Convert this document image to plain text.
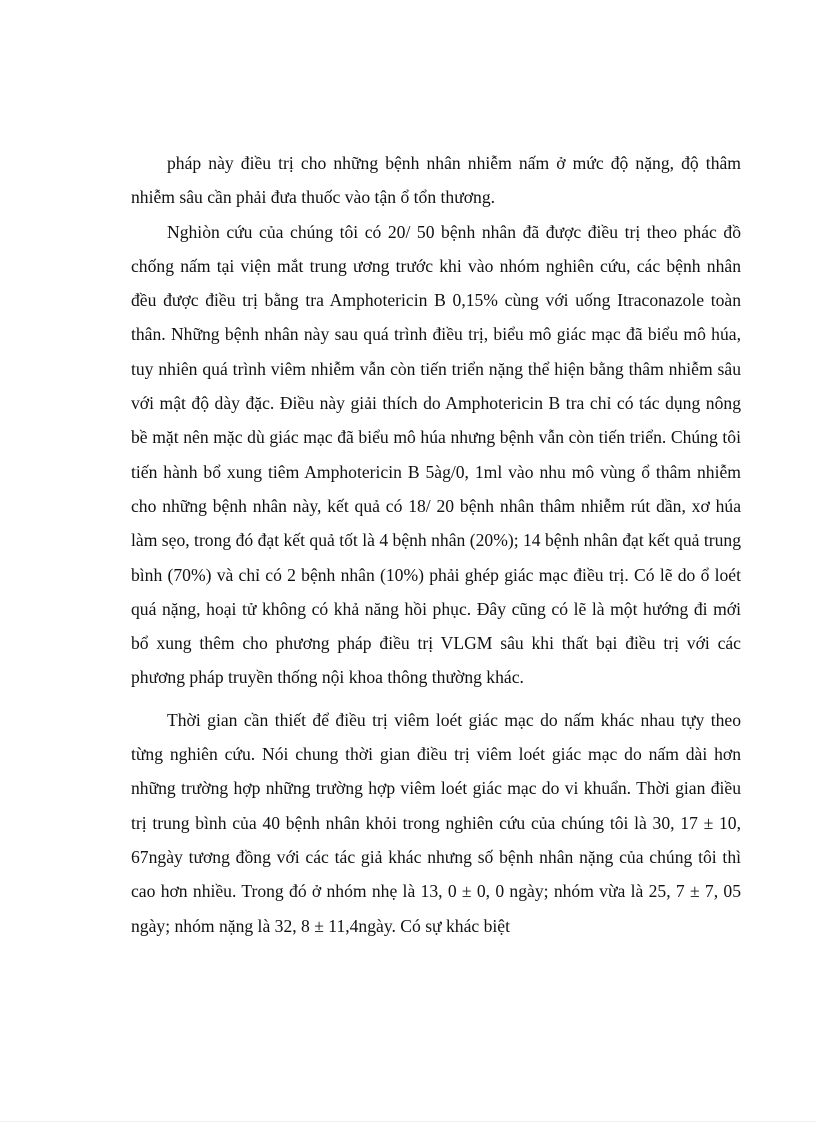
pháp này điều trị cho những bệnh nhân nhiễm nấm ở mức độ nặng, độ thâm nhiễm sâu cần phải đưa thuốc vào tận ổ tổn thương.

Nghiòn cứu của chúng tôi có 20/ 50 bệnh nhân đã được điều trị theo phác đồ chống nấm tại viện mắt trung ương trước khi vào nhóm nghiên cứu, các bệnh nhân đều được điều trị bằng tra Amphotericin B 0,15% cùng với uống Itraconazole toàn thân. Những bệnh nhân này sau quá trình điều trị, biểu mô giác mạc đã biểu mô húa, tuy nhiên quá trình viêm nhiễm vẫn còn tiến triển nặng thể hiện bằng thâm nhiễm sâu với mật độ dày đặc. Điều này giải thích do Amphotericin B tra chỉ có tác dụng nông bề mặt nên mặc dù giác mạc đã biểu mô húa nhưng bệnh vẫn còn tiến triển. Chúng tôi tiến hành bổ xung tiêm Amphotericin B 5àg/0, 1ml vào nhu mô vùng ổ thâm nhiễm cho những bệnh nhân này, kết quả có 18/ 20 bệnh nhân thâm nhiễm rút dần, xơ húa làm sẹo, trong đó đạt kết quả tốt là 4 bệnh nhân (20%); 14 bệnh nhân đạt kết quả trung bình (70%) và chỉ có 2 bệnh nhân (10%) phải ghép giác mạc điều trị. Có lẽ do ổ loét quá nặng, hoại tử không có khả năng hồi phục. Đây cũng có lẽ là một hướng đi mới bổ xung thêm cho phương pháp điều trị VLGM sâu khi thất bại điều trị với các phương pháp truyền thống nội khoa thông thường khác.

Thời gian cần thiết để điều trị viêm loét giác mạc do nấm khác nhau tựy theo từng nghiên cứu. Nói chung thời gian điều trị viêm loét giác mạc do nấm dài hơn những trường hợp những trường hợp viêm loét giác mạc do vi khuẩn. Thời gian điều trị trung bình của 40 bệnh nhân khỏi trong nghiên cứu của chúng tôi là 30, 17 ± 10, 67ngày tương đồng với các tác giả khác nhưng số bệnh nhân nặng của chúng tôi thì cao hơn nhiều. Trong đó ở nhóm nhẹ là 13, 0 ± 0, 0 ngày; nhóm vừa là 25, 7 ± 7, 05 ngày; nhóm nặng là 32, 8 ± 11,4ngày. Có sự khác biệt
